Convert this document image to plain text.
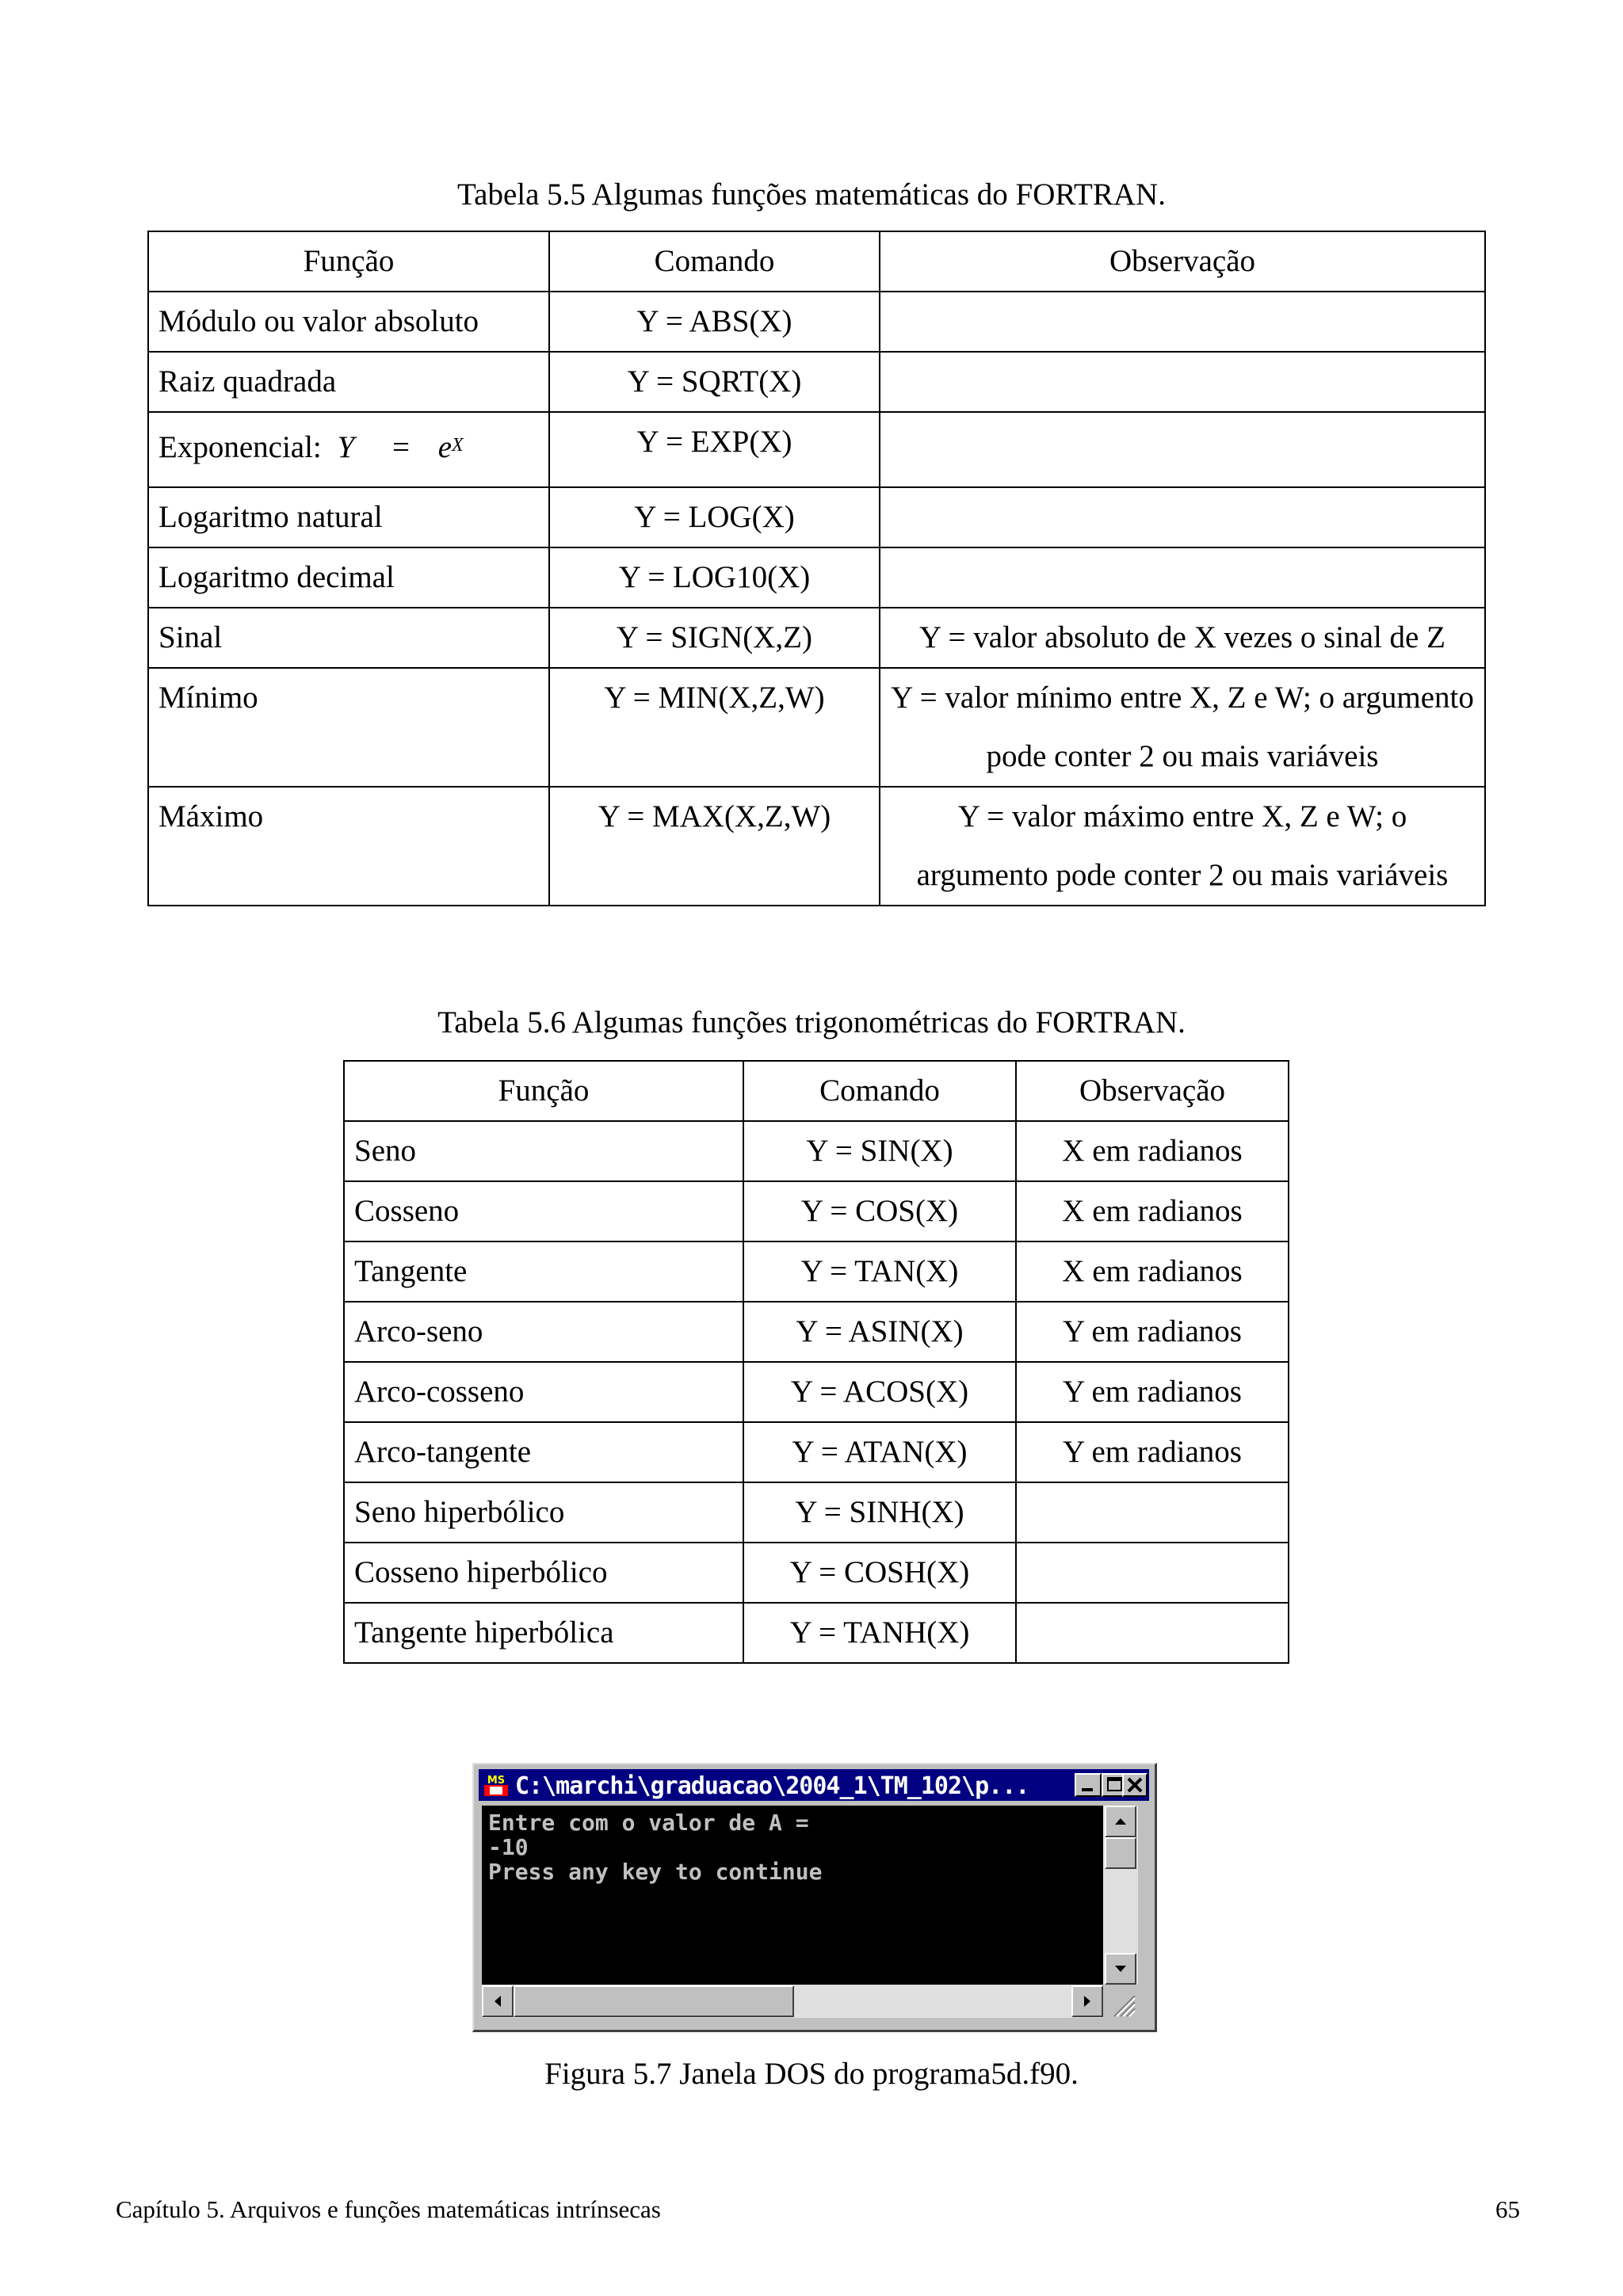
Tabela 5.5 Algumas funções matemáticas do FORTRAN.
Função	Comando	Observação
Módulo ou valor absoluto	Y = ABS(X)	
Raiz quadrada	Y = SQRT(X)	
Exponencial: $Y = e^X$	Y = EXP(X)	
Logaritmo natural	Y = LOG(X)	
Logaritmo decimal	Y = LOG10(X)	
Sinal	Y = SIGN(X,Z)	Y = valor absoluto de X vezes o sinal de Z
Mínimo	Y = MIN(X,Z,W)	Y = valor mínimo entre X, Z e W; o argumento pode conter 2 ou mais variáveis
Máximo	Y = MAX(X,Z,W)	Y = valor máximo entre X, Z e W; o argumento pode conter 2 ou mais variáveis
Tabela 5.6 Algumas funções trigonométricas do FORTRAN.
Função	Comando	Observação
Seno	Y = SIN(X)	X em radianos
Cosseno	Y = COS(X)	X em radianos
Tangente	Y = TAN(X)	X em radianos
Arco-seno	Y = ASIN(X)	Y em radianos
Arco-cosseno	Y = ACOS(X)	Y em radianos
Arco-tangente	Y = ATAN(X)	Y em radianos
Seno hiperbólico	Y = SINH(X)	
Cosseno hiperbólico	Y = COSH(X)	
Tangente hiperbólica	Y = TANH(X)	
MS C:\marchi\graduacao\2004_1\TM_102\p...
Entre com o valor de A =
-10
Press any key to continue
Figura 5.7 Janela DOS do programa5d.f90.
Capítulo 5. Arquivos e funções matemáticas intrínsecas	65
